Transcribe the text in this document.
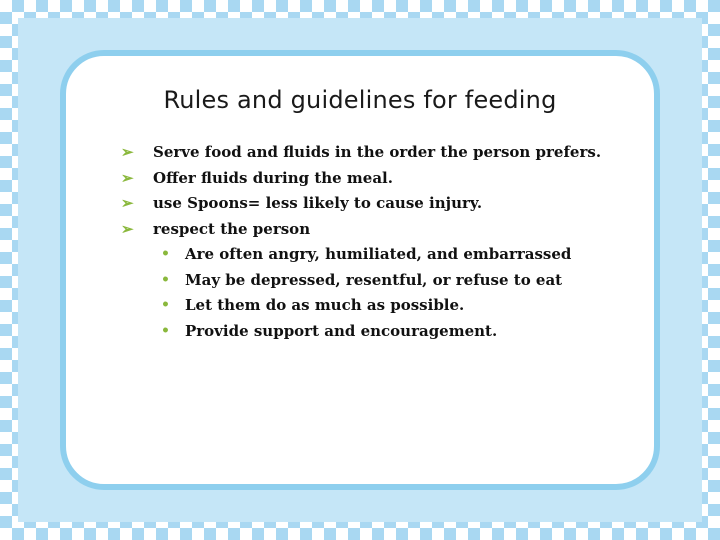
Rules and guidelines for feeding
➢ Serve food and fluids in the order the person prefers.
➢ Offer fluids during the meal.
➢ use Spoons= less likely to cause injury.
➢ respect the person
• Are often angry, humiliated, and embarrassed
• May be depressed, resentful, or refuse to eat
• Let them do as much as possible.
• Provide support and encouragement.
